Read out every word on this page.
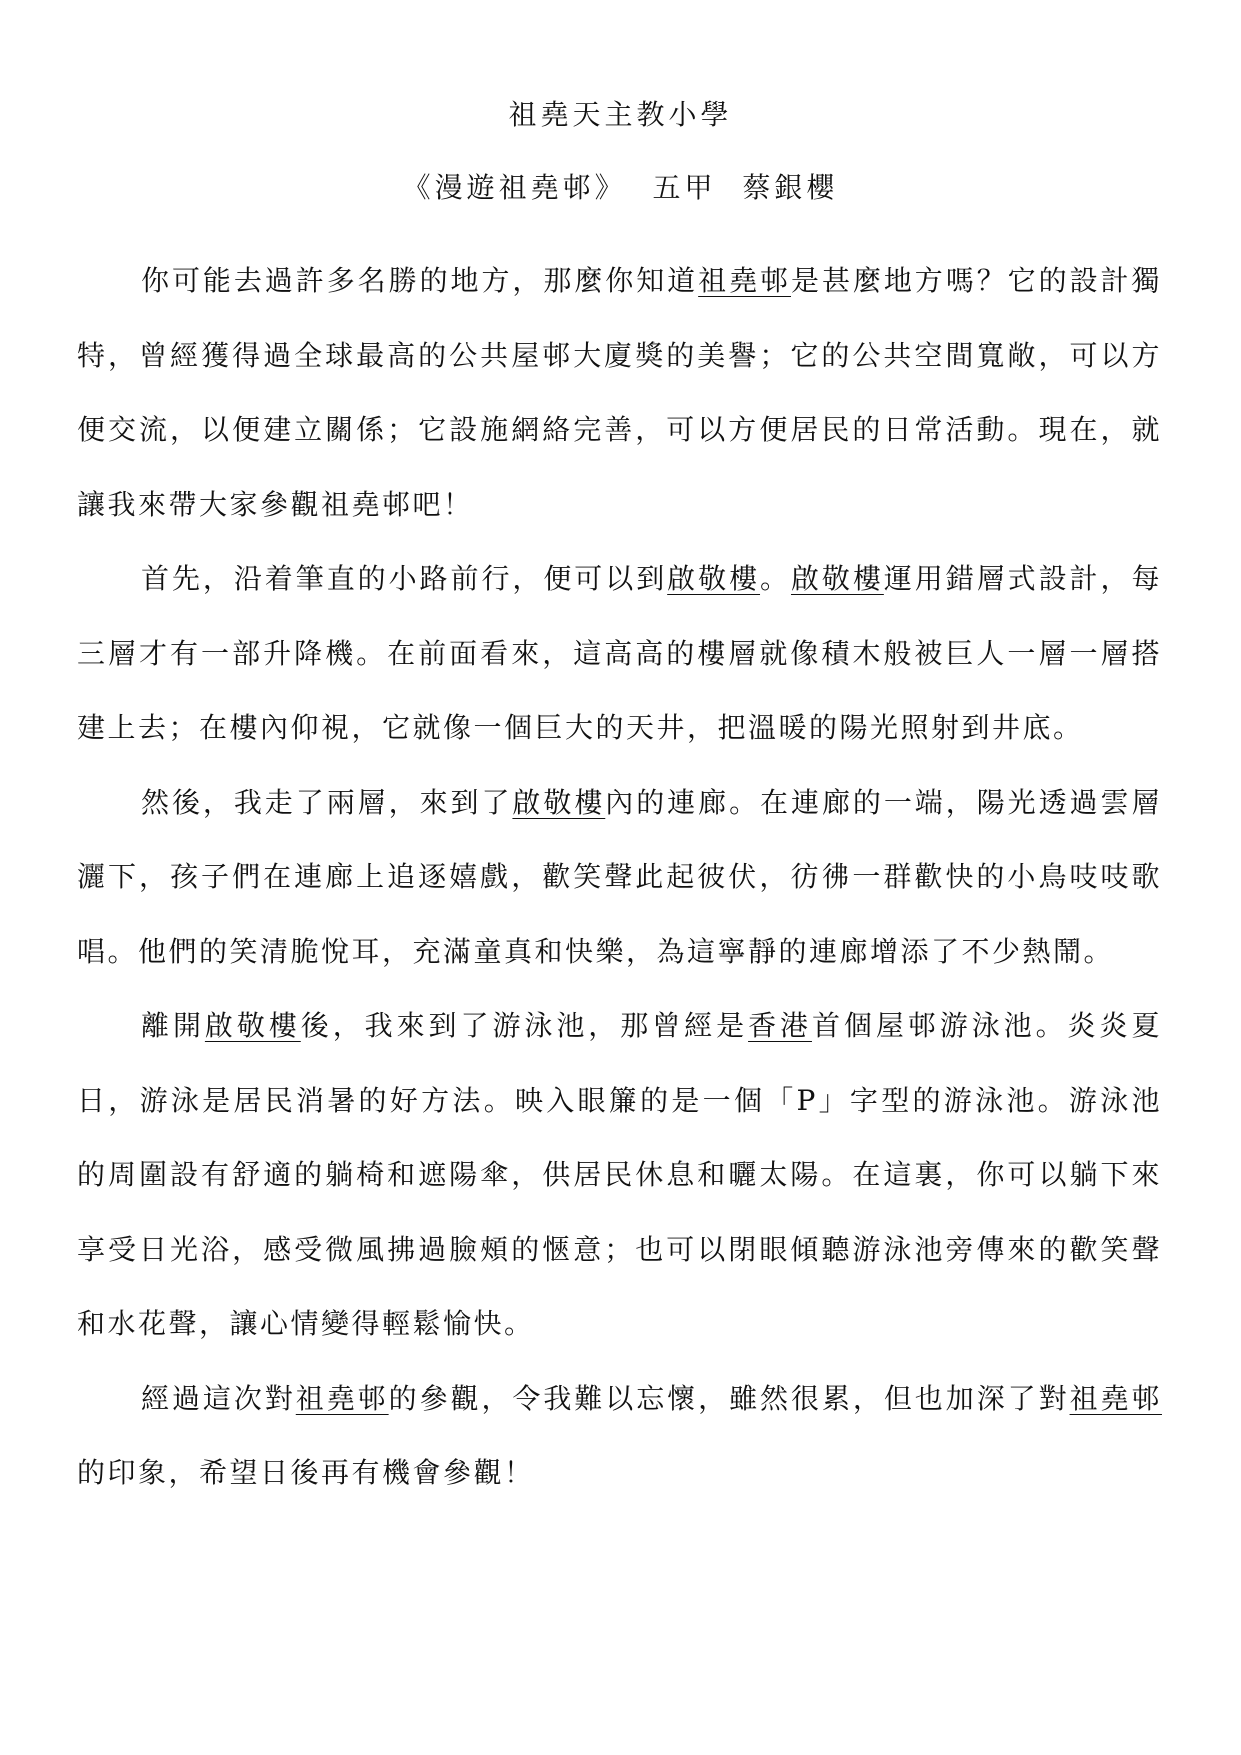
祖堯天主教小學
《漫遊祖堯邨》 五甲 蔡銀櫻

你可能去過許多名勝的地方，那麼你知道祖堯邨是甚麼地方嗎？它的設計獨特，曾經獲得過全球最高的公共屋邨大廈獎的美譽；它的公共空間寬敞，可以方便交流，以便建立關係；它設施網絡完善，可以方便居民的日常活動。現在，就讓我來帶大家參觀祖堯邨吧！

首先，沿着筆直的小路前行，便可以到啟敬樓。啟敬樓運用錯層式設計，每三層才有一部升降機。在前面看來，這高高的樓層就像積木般被巨人一層一層搭建上去；在樓內仰視，它就像一個巨大的天井，把溫暖的陽光照射到井底。

然後，我走了兩層，來到了啟敬樓內的連廊。在連廊的一端，陽光透過雲層灑下，孩子們在連廊上追逐嬉戲，歡笑聲此起彼伏，彷彿一群歡快的小鳥吱吱歌唱。他們的笑清脆悅耳，充滿童真和快樂，為這寧靜的連廊增添了不少熱鬧。

離開啟敬樓後，我來到了游泳池，那曾經是香港首個屋邨游泳池。炎炎夏日，游泳是居民消暑的好方法。映入眼簾的是一個「P」字型的游泳池。游泳池的周圍設有舒適的躺椅和遮陽傘，供居民休息和曬太陽。在這裏，你可以躺下來享受日光浴，感受微風拂過臉頰的愜意；也可以閉眼傾聽游泳池旁傳來的歡笑聲和水花聲，讓心情變得輕鬆愉快。

經過這次對祖堯邨的參觀，令我難以忘懷，雖然很累，但也加深了對祖堯邨的印象，希望日後再有機會參觀！
